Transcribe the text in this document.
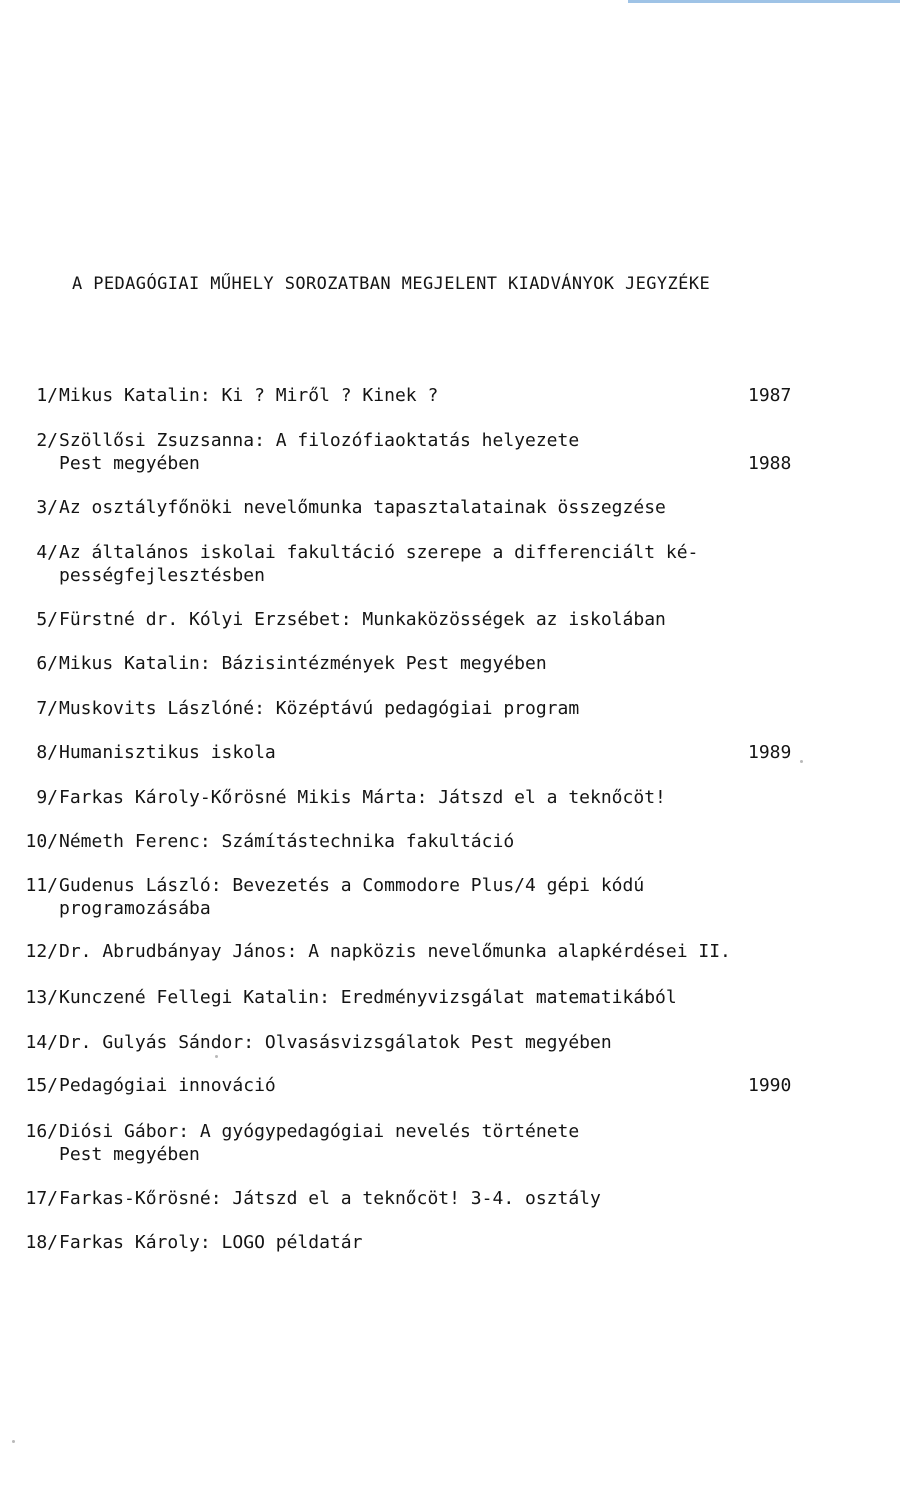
A PEDAGÓGIAI MŰHELY SOROZATBAN MEGJELENT KIADVÁNYOK JEGYZÉKE
1/ Mikus Katalin: Ki ? Miről ? Kinek ?	1987
2/ Szöllősi Zsuzsanna: A filozófiaoktatás helyezete
Pest megyében	1988
3/ Az osztályfőnöki nevelőmunka tapasztalatainak összegzése
4/ Az általános iskolai fakultáció szerepe a differenciált ké-
pességfejlesztésben
5/ Fürstné dr. Kólyi Erzsébet: Munkaközösségek az iskolában
6/ Mikus Katalin: Bázisintézmények Pest megyében
7/ Muskovits Lászlóné: Középtávú pedagógiai program
8/ Humanisztikus iskola	1989
9/ Farkas Károly-Kőrösné Mikis Márta: Játszd el a teknőcöt!
10/ Németh Ferenc: Számítástechnika fakultáció
11/ Gudenus László: Bevezetés a Commodore Plus/4 gépi kódú
programozásába
12/ Dr. Abrudbányay János: A napközis nevelőmunka alapkérdései II.
13/ Kunczené Fellegi Katalin: Eredményvizsgálat matematikából
14/ Dr. Gulyás Sándor: Olvasásvizsgálatok Pest megyében
15/ Pedagógiai innováció	1990
16/ Diósi Gábor: A gyógypedagógiai nevelés története
Pest megyében
17/ Farkas-Kőrösné: Játszd el a teknőcöt! 3-4. osztály
18/ Farkas Károly: LOGO példatár
